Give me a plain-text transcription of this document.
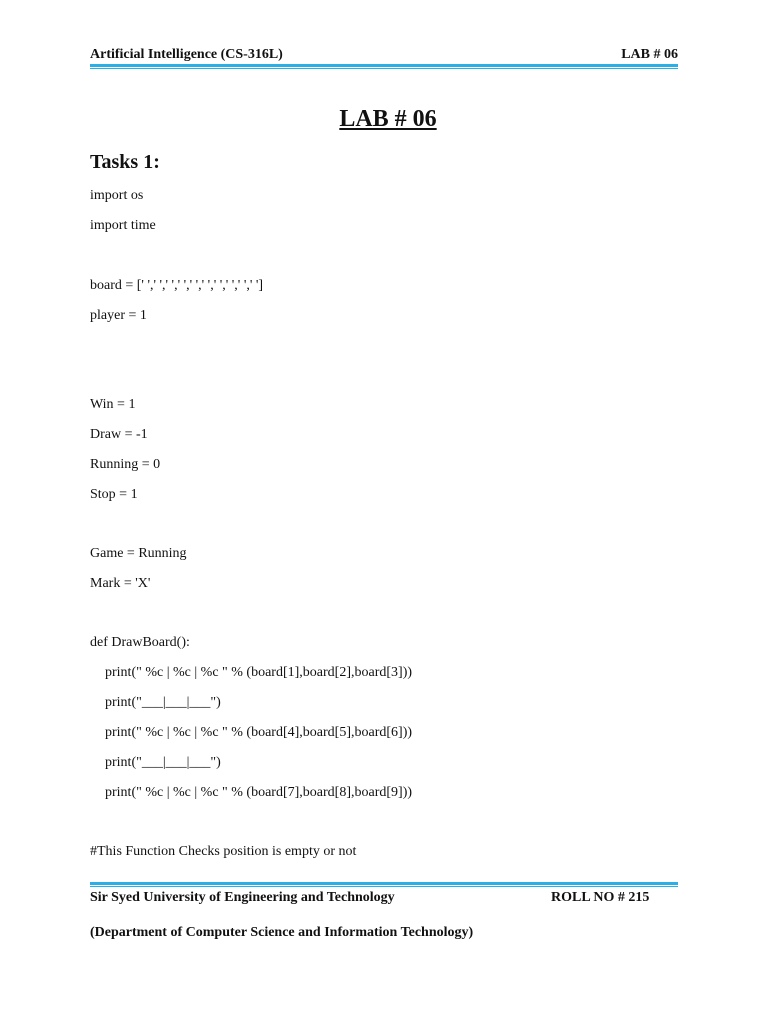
Artificial Intelligence (CS-316L)	LAB # 06
LAB # 06
Tasks 1:
import os
import time
board = [' ',' ',' ',' ',' ',' ',' ',' ',' ',' ']
player = 1
Win = 1
Draw = -1
Running = 0
Stop = 1
Game = Running
Mark = 'X'
def DrawBoard():
print(" %c | %c | %c " % (board[1],board[2],board[3]))
print("___|___|___")
print(" %c | %c | %c " % (board[4],board[5],board[6]))
print("___|___|___")
print(" %c | %c | %c " % (board[7],board[8],board[9]))
#This Function Checks position is empty or not
Sir Syed University of Engineering and Technology	ROLL NO # 215
(Department of Computer Science and Information Technology)
